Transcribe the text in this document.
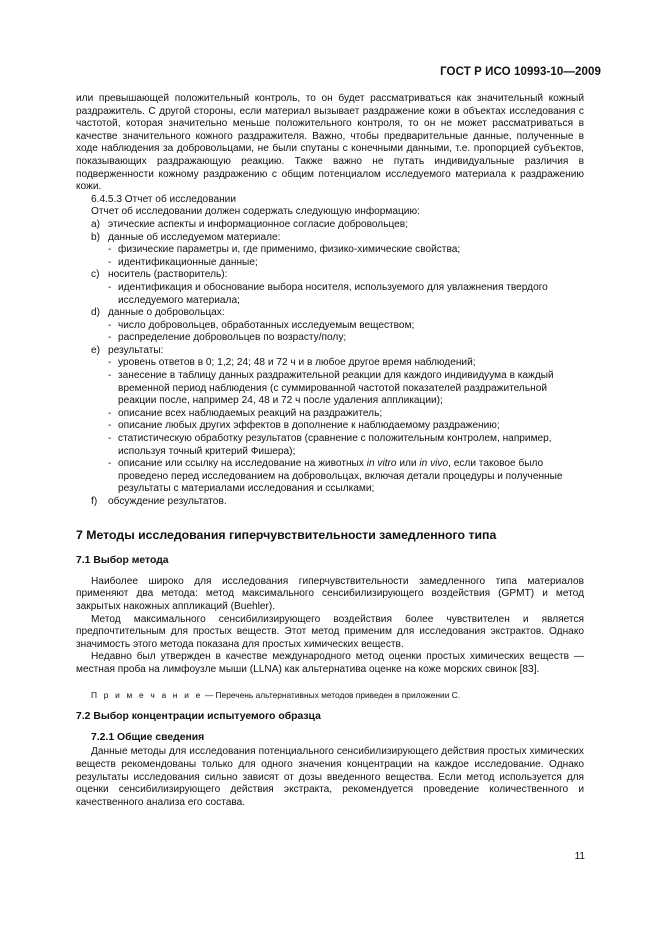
ГОСТ Р ИСО 10993-10—2009

или превышающей положительный контроль, то он будет рассматриваться как значительный кожный раздражитель. С другой стороны, если материал вызывает раздражение кожи в объектах исследования с частотой, которая значительно меньше положительного контроля, то он не может рассматриваться в качестве значительного кожного раздражителя. Важно, чтобы предварительные данные, полученные в ходе наблюдения за добровольцами, не были спутаны с конечными данными, т.е. пропорцией субъектов, показывающих раздражающую реакцию. Также важно не путать индивидуальные различия в подверженности кожному раздражению с общим потенциалом исследуемого материала к раздражению кожи.

6.4.5.3 Отчет об исследовании

Отчет об исследовании должен содержать следующую информацию:

a) этические аспекты и информационное согласие добровольцев;
b) данные об исследуемом материале:
- физические параметры и, где применимо, физико-химические свойства;
- идентификационные данные;
c) носитель (растворитель):
- идентификация и обоснование выбора носителя, используемого для увлажнения твердого исследуемого материала;
d) данные о добровольцах:
- число добровольцев, обработанных исследуемым веществом;
- распределение добровольцев по возрасту/полу;
e) результаты:
- уровень ответов в 0; 1,2; 24; 48 и 72 ч и в любое другое время наблюдений;
- занесение в таблицу данных раздражительной реакции для каждого индивидуума в каждый временной период наблюдения (с суммированной частотой показателей раздражительной реакции после, например 24, 48 и 72 ч после удаления аппликации);
- описание всех наблюдаемых реакций на раздражитель;
- описание любых других эффектов в дополнение к наблюдаемому раздражению;
- статистическую обработку результатов (сравнение с положительным контролем, например, используя точный критерий Фишера);
- описание или ссылку на исследование на животных in vitro или in vivo, если таковое было проведено перед исследованием на добровольцах, включая детали процедуры и полученные результаты с материалами исследования и ссылками;
f)	обсуждение результатов.
7 Методы исследования гиперчувствительности замедленного типа
7.1 Выбор метода

Наиболее широко для исследования гиперчувствительности замедленного типа материалов применяют два метода: метод максимального сенсибилизирующего воздействия (GPMT) и метод закрытых накожных аппликаций (Buehler).

Метод максимального сенсибилизирующего воздействия более чувствителен и является предпочтительным для простых веществ. Этот метод применим для исследования экстрактов. Однако значимость этого метода показана для простых химических веществ.

Недавно был утвержден в качестве международного метод оценки простых химических веществ — местная проба на лимфоузле мыши (LLNA) как альтернатива оценке на коже морских свинок [83].

П р и м е ч а н и е — Перечень альтернативных методов приведен в приложении С.

7.2 Выбор концентрации испытуемого образца
7.2.1 Общие сведения

Данные методы для исследования потенциального сенсибилизирующего действия простых химических веществ рекомендованы только для одного значения концентрации на каждое исследование. Однако результаты исследования сильно зависят от дозы введенного вещества. Если метод используется для оценки сенсибилизирующего действия экстракта, рекомендуется проведение количественного и качественного анализа его состава.

11
